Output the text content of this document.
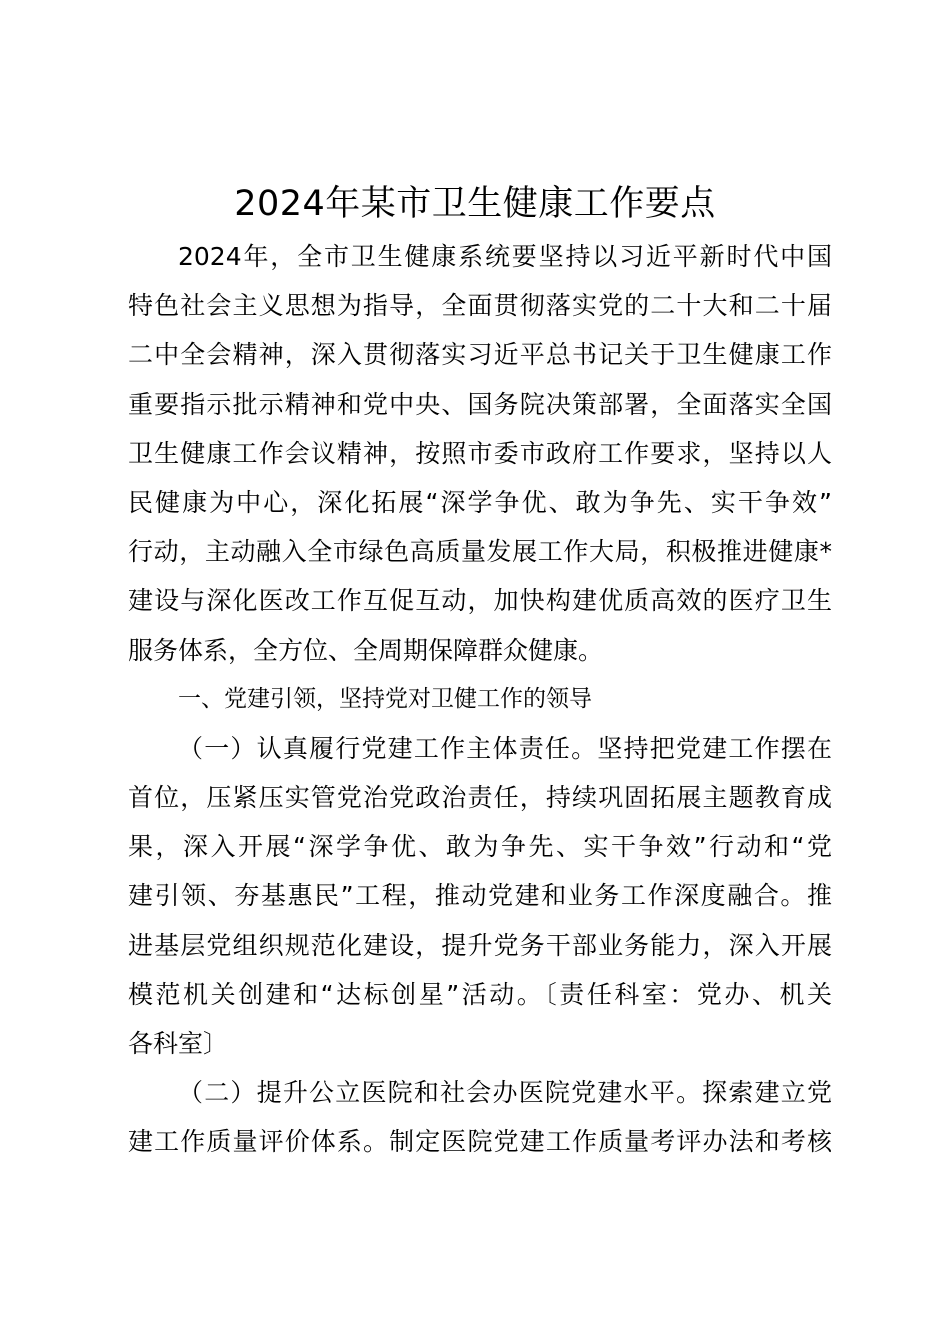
2024年某市卫生健康工作要点
2024年，全市卫生健康系统要坚持以习近平新时代中国
特色社会主义思想为指导，全面贯彻落实党的二十大和二十届
二中全会精神，深入贯彻落实习近平总书记关于卫生健康工作
重要指示批示精神和党中央、国务院决策部署，全面落实全国
卫生健康工作会议精神，按照市委市政府工作要求，坚持以人
民健康为中心，深化拓展“深学争优、敢为争先、实干争效”
行动，主动融入全市绿色高质量发展工作大局，积极推进健康*
建设与深化医改工作互促互动，加快构建优质高效的医疗卫生
服务体系，全方位、全周期保障群众健康。
一、党建引领，坚持党对卫健工作的领导
（一）认真履行党建工作主体责任。坚持把党建工作摆在
首位，压紧压实管党治党政治责任，持续巩固拓展主题教育成
果，深入开展“深学争优、敢为争先、实干争效”行动和“党
建引领、夯基惠民”工程，推动党建和业务工作深度融合。推
进基层党组织规范化建设，提升党务干部业务能力，深入开展
模范机关创建和“达标创星”活动。〔责任科室：党办、机关
各科室〕
（二）提升公立医院和社会办医院党建水平。探索建立党
建工作质量评价体系。制定医院党建工作质量考评办法和考核
